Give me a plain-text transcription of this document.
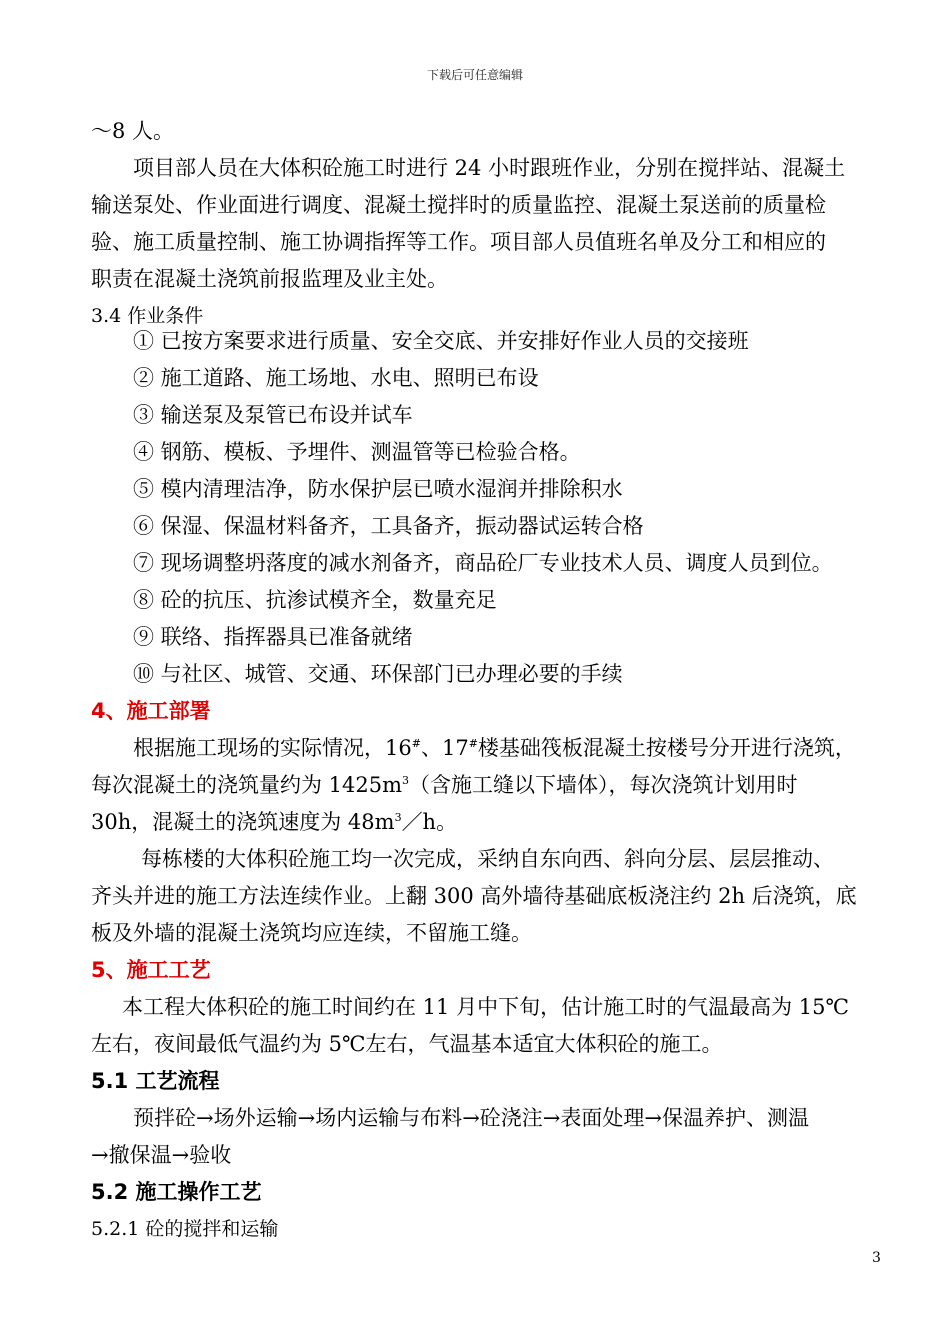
下载后可任意编辑
～8 人。
项目部人员在大体积砼施工时进行 24 小时跟班作业，分别在搅拌站、混凝土
输送泵处、作业面进行调度、混凝土搅拌时的质量监控、混凝土泵送前的质量检
验、施工质量控制、施工协调指挥等工作。项目部人员值班名单及分工和相应的
职责在混凝土浇筑前报监理及业主处。
3.4 作业条件
① 已按方案要求进行质量、安全交底、并安排好作业人员的交接班
② 施工道路、施工场地、水电、照明已布设
③ 输送泵及泵管已布设并试车
④ 钢筋、模板、予埋件、测温管等已检验合格。
⑤ 模内清理洁净，防水保护层已喷水湿润并排除积水
⑥ 保湿、保温材料备齐，工具备齐，振动器试运转合格
⑦ 现场调整坍落度的减水剂备齐，商品砼厂专业技术人员、调度人员到位。
⑧ 砼的抗压、抗渗试模齐全，数量充足
⑨ 联络、指挥器具已准备就绪
⑩ 与社区、城管、交通、环保部门已办理必要的手续
4、施工部署
根据施工现场的实际情况，16#、17#楼基础筏板混凝土按楼号分开进行浇筑，
每次混凝土的浇筑量约为 $1425m^3$（含施工缝以下墙体），每次浇筑计划用时
30h，混凝土的浇筑速度为 $48m^3/h$。
每栋楼的大体积砼施工均一次完成，采纳自东向西、斜向分层、层层推动、
齐头并进的施工方法连续作业。上翻 300 高外墙待基础底板浇注约 2h 后浇筑，底
板及外墙的混凝土浇筑均应连续，不留施工缝。
5、施工工艺
本工程大体积砼的施工时间约在 11 月中下旬，估计施工时的气温最高为 15℃
左右，夜间最低气温约为 5℃左右，气温基本适宜大体积砼的施工。
5.1 工艺流程
预拌砼→场外运输→场内运输与布料→砼浇注→表面处理→保温养护、测温
→撤保温→验收
5.2 施工操作工艺
5.2.1 砼的搅拌和运输
3
